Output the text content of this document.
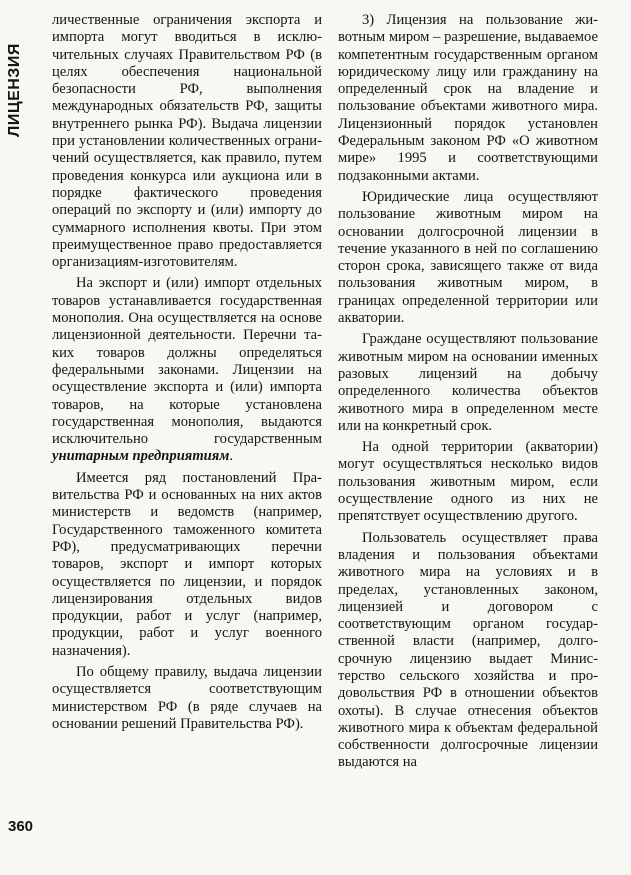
ЛИЦЕНЗИЯ

личественные ограничения экспорта и импорта могут вводиться в исключительных случаях Правительством РФ (в целях обеспечения национальной безопасности РФ, выполнения международных обязательств РФ, защиты внутреннего рынка РФ). Выдача лицензии при установлении количественных ограничений осуществляется, как правило, путем проведения конкурса или аукциона или в порядке фактического проведения операций по экспорту и (или) импорту до суммарного исполнения квоты. При этом преимущественное право предоставляется организациям-изготовителям.

На экспорт и (или) импорт отдельных товаров устанавливается государственная монополия. Она осуществляется на основе лицензионной деятельности. Перечни таких товаров должны определяться федеральными законами. Лицензии на осуществление экспорта и (или) импорта товаров, на которые установлена государственная монополия, выдаются исключительно государственным унитарным предприятиям.

Имеется ряд постановлений Правительства РФ и основанных на них актов министерств и ведомств (например, Государственного таможенного комитета РФ), предусматривающих перечни товаров, экспорт и импорт которых осуществляется по лицензии, и порядок лицензирования отдельных видов продукции, работ и услуг (например, продукции, работ и услуг военного назначения).

По общему правилу, выдача лицензии осуществляется соответствующим министерством РФ (в ряде случаев на основании решений Правительства РФ).

3) Лицензия на пользование животным миром – разрешение, выдаваемое компетентным государственным органом юридическому лицу или гражданину на определенный срок на владение и пользование объектами животного мира. Лицензионный порядок установлен Федеральным законом РФ «О животном мире» 1995 и соответствующими подзаконными актами.

Юридические лица осуществляют пользование животным миром на основании долгосрочной лицензии в течение указанного в ней по соглашению сторон срока, зависящего также от вида пользования животным миром, в границах определенной территории или акватории.

Граждане осуществляют пользование животным миром на основании именных разовых лицензий на добычу определенного количества объектов животного мира в определенном месте или на конкретный срок.

На одной территории (акватории) могут осуществляться несколько видов пользования животным миром, если осуществление одного из них не препятствует осуществлению другого.

Пользователь осуществляет права владения и пользования объектами животного мира на условиях и в пределах, установленных законом, лицензией и договором с соответствующим органом государственной власти (например, долгосрочную лицензию выдает Министерство сельского хозяйства и продовольствия РФ в отношении объектов охоты). В случае отнесения объектов животного мира к объектам федеральной собственности долгосрочные лицензии выдаются на

360
